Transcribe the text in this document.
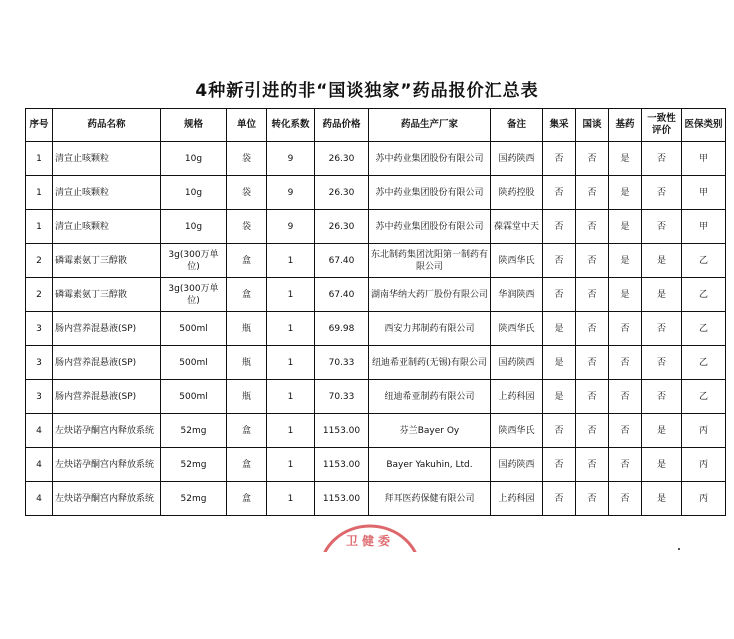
4种新引进的非“国谈独家”药品报价汇总表
序号	药品名称	规格	单位	转化系数	药品价格	药品生产厂家	备注	集采	国谈	基药	一致性评价	医保类别
1	清宣止咳颗粒	10g	袋	9	26.30	苏中药业集团股份有限公司	国药陕西	否	否	是	否	甲
1	清宣止咳颗粒	10g	袋	9	26.30	苏中药业集团股份有限公司	陕药控股	否	否	是	否	甲
1	清宣止咳颗粒	10g	袋	9	26.30	苏中药业集团股份有限公司	葆霖堂中天	否	否	是	否	甲
2	磷霉素氨丁三醇散	3g(300万单位)	盒	1	67.40	东北制药集团沈阳第一制药有限公司	陕西华氏	否	否	是	是	乙
2	磷霉素氨丁三醇散	3g(300万单位)	盒	1	67.40	湖南华纳大药厂股份有限公司	华润陕西	否	否	是	是	乙
3	肠内营养混悬液(SP)	500ml	瓶	1	69.98	西安力邦制药有限公司	陕西华氏	是	否	否	否	乙
3	肠内营养混悬液(SP)	500ml	瓶	1	70.33	纽迪希亚制药(无锡)有限公司	国药陕西	是	否	否	否	乙
3	肠内营养混悬液(SP)	500ml	瓶	1	70.33	纽迪希亚制药有限公司	上药科园	是	否	否	否	乙
4	左炔诺孕酮宫内释放系统	52mg	盒	1	1153.00	芬兰Bayer Oy	陕西华氏	否	否	否	是	丙
4	左炔诺孕酮宫内释放系统	52mg	盒	1	1153.00	Bayer Yakuhin, Ltd.	国药陕西	否	否	否	是	丙
4	左炔诺孕酮宫内释放系统	52mg	盒	1	1153.00	拜耳医药保健有限公司	上药科园	否	否	否	是	丙
卫健委
